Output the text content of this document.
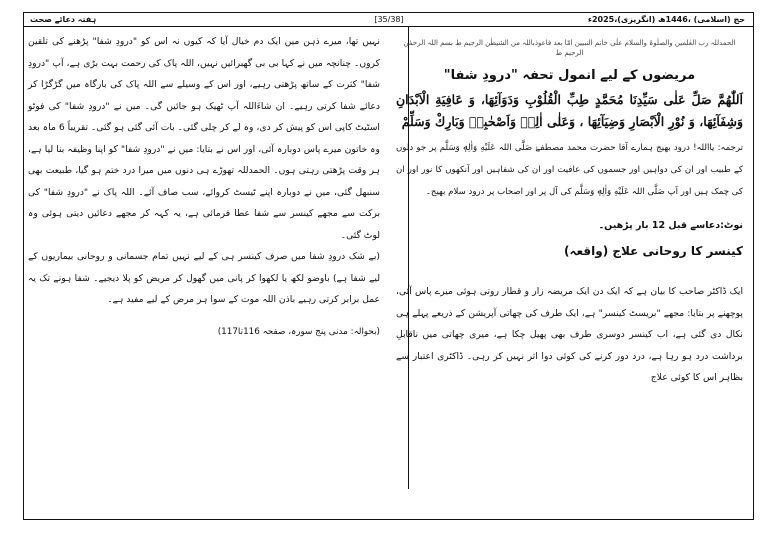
ہفتہ دعائے صحت	[35/38]	حج (اسلامی) ،1446ھ (انگریزی)،2025ء

الحمدللہ رب العٰلمین والصلٰوۃ والسلام علٰی خاتم النبیین امّا بعد فاعوذباللہ من الشیطٰن الرجیم ط بسم اللہ الرحمٰن الرحیم ط

مریضوں کے لیے انمول تحفہ "درودِ شفا"

اَللّٰهُمَّ صَلِّ عَلٰى سَيِّدِنَا مُحَمَّدٍ طِبِّ الْقُلُوْبِ وَدَوَآئِهَا، وَ عَافِيَةِ الْاَبْدَانِ وَشِفَآئِهَا، وَ نُوْرِ الْاَبْصَارِ وَضِيَآئِهَا ، وَعَلٰى اٰلِهٖ وَاَصْحٰبِهٖ وَبَارِكْ وَسَلِّمْ

ترجمہ: یااللہ! درود بھیج ہمارے آقا حضرت محمد مصطفےٰ صَلَّی اللہ عَلَیْهِ وَاٰلِهٖ وَسَلَّم پر جو دلوں کے طبیب اور ان کی دواہیں اور جسموں کی عافیت اور ان کی شفاہیں اور آنکھوں کا نور اور ان کی چمک ہیں اور آپ صَلَّی اللہ عَلَیْهِ وَاٰلِهٖ وَسَلَّم کی آل پر اور اصحاب پر درود سلام بھیج۔

نوٹ:دعاسے قبل 12 بار پڑھیں۔

کینسر کا روحانی علاج (واقعہ)

ایک ڈاکٹر صاحب کا بیان ہے کہ ایک دن ایک مریضہ زار و قطار روتی ہوئی میرے پاس آئی، پوچھنے پر بتایا: مجھے "بریسٹ کینسر" ہے، ایک طرف کی چھاتی آپریشن کے ذریعے پہلے ہی نکال دی گئی ہے، اب کینسر دوسری طرف بھی پھیل چکا ہے، میری چھاتی میں ناقابلِ برداشت درد ہو رہا ہے، درد دور کرنے کی کوئی دوا اثر نہیں کر رہی۔ ڈاکٹری اعتبار سے بظاہر اس کا کوئی علاج

نہیں تھا، میرے ذہن میں ایک دم خیال آیا کہ کیوں نہ اس کو "درودِ شفا" پڑھنے کی تلقین کروں۔ چنانچہ میں نے کہا بی بی گھبرائیں نہیں، اللہ پاک کی رحمت بہت بڑی ہے، آپ "درودِ شفا" کثرت کے ساتھ پڑھتی رہیے، اور اس کے وسیلے سے اللہ پاک کی بارگاہ میں گڑگڑا کر دعائے شفا کرتی رہیے۔ ان شاءَاللہ آپ ٹھیک ہو جائیں گی۔ میں نے "درودِ شفا" کی فوٹو اسٹیٹ کاپی اس کو پیش کر دی، وہ لے کر چلی گئی۔ بات آئی گئی ہو گئی۔ تقریباً 6 ماہ بعد وہ خاتون میرے پاس دوبارہ آئی، اور اس نے بتایا: میں نے "درودِ شفا" کو اپنا وظیفہ بنا لیا ہے، ہر وقت پڑھتی رہتی ہوں۔ الحمدللہ تھوڑے ہی دنوں میں میرا درد ختم ہو گیا، طبیعت بھی سنبھل گئی، میں نے دوبارہ اپنے ٹیسٹ کروائے، سب صاف آئے۔ اللہ پاک نے "درودِ شفا" کی برکت سے مجھے کینسر سے شفا عطا فرمائی ہے، یہ کہہ کر مجھے دعائیں دیتی ہوئی وہ لوٹ گئی۔

(بے شک درودِ شفا میں صرف کینسر ہی کے لیے نہیں تمام جسمانی و روحانی بیماریوں کے لیے شفا ہے) باوضو لکھ یا لکھوا کر پانی میں گھول کر مریض کو پلا دیجیے۔ شفا ہونے تک یہ عمل برابر کرتی رہیے باذن اللہ موت کے سوا ہر مرض کے لیے مفید ہے۔

(بحوالہ: مدنی پنج سورہ، صفحہ 116تا117)
